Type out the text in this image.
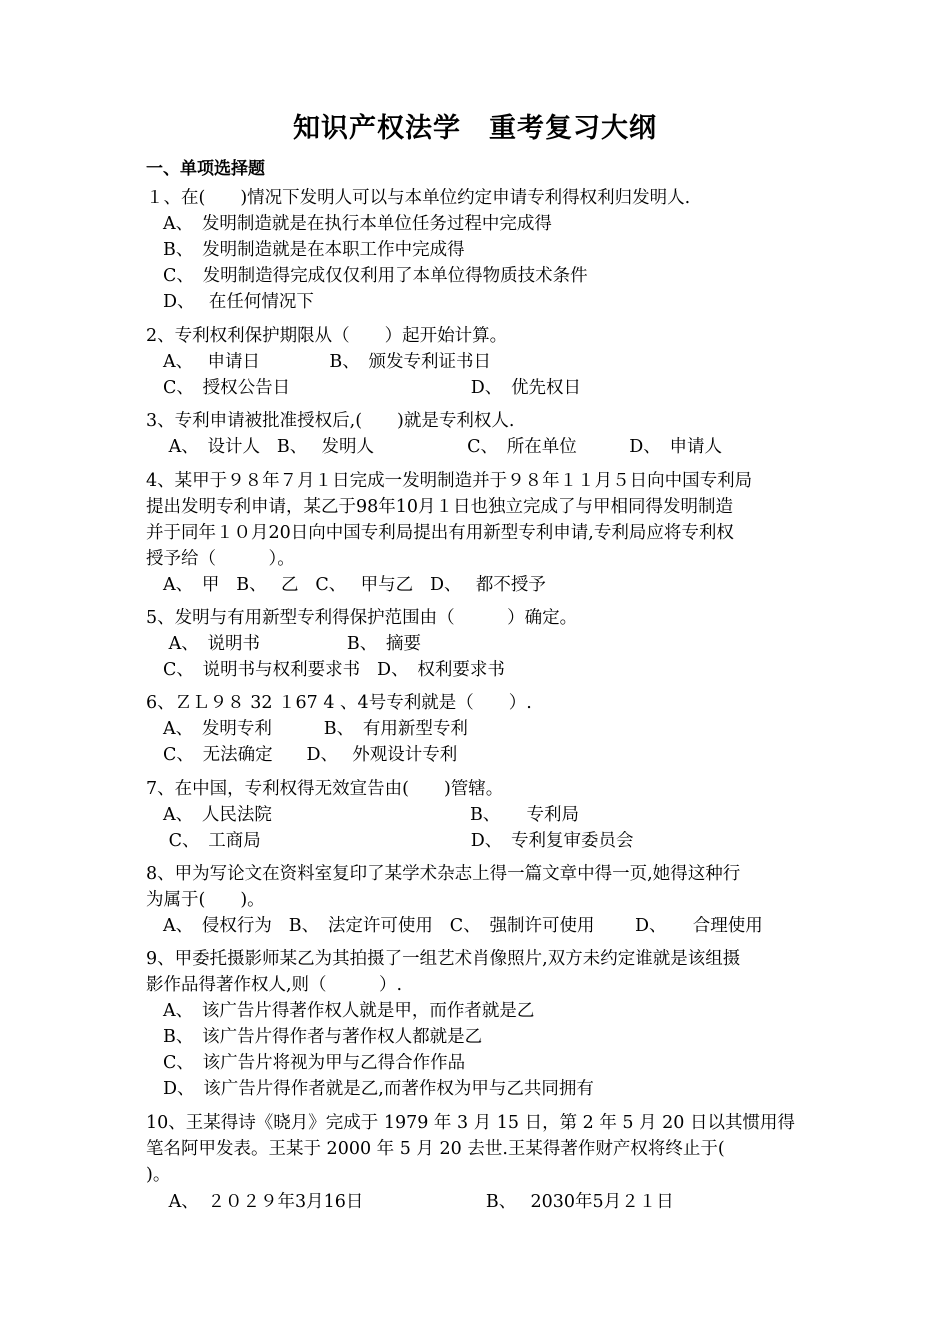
知识产权法学　重考复习大纲
一、单项选择题
１、在(　　)情况下发明人可以与本单位约定申请专利得权利归发明人.
A、　发明制造就是在执行本单位任务过程中完成得
B、　发明制造就是在本职工作中完成得
C、　发明制造得完成仅仅利用了本单位得物质技术条件
D、　 在任何情况下
2、专利权利保护期限从（　　）起开始计算。
A、　 申请日ﾠ　　　B、　颁发专利证书日
C、　授权公告日　　　　　　　　　　 D、　优先权日
3、专利申请被批准授权后,(　　)就是专利权人.
A、　设计人ﾠB、　 发明人　　　　　 C、　所在单位　　　D、　申请人
4、某甲于９８年７月１日完成一发明制造并于９８年１１月５日向中国专利局
提出发明专利申请，某乙于98年10月１日也独立完成了与甲相同得发明制造
并于同年１０月20日向中国专利局提出有用新型专利申请,专利局应将专利权
授予给（　　　）。
A、　甲ﾠB、　 乙ﾠC、　 甲与乙ﾠD、　 都不授予
5、发明与有用新型专利得保护范围由（　　　）确定。
A、　说明书　　　　ﾠB、　摘要
C、　说明书与权利要求书ﾠD、　权利要求书
6、ＺＬ９８ 32 １67 4 、4号专利就是（　　）.
A、　发明专利ﾠ　　B、　有用新型专利
C、　无法确定ﾠﾠD、　 外观设计专利
7、在中国，专利权得无效宣告由(　　)管辖。
A、　人民法院　　　　　　　　　　　 B、　　专利局
C、　工商局　　　　　　　　　　　　D、　专利复审委员会
8、甲为写论文在资料室复印了某学术杂志上得一篇文章中得一页,她得这种行
为属于(　　)。
A、　侵权行为ﾠB、　法定许可使用ﾠC、　强制许可使用　　 D、　　合理使用
9、甲委托摄影师某乙为其拍摄了一组艺术肖像照片,双方未约定谁就是该组摄
影作品得著作权人,则（　　　）.
A、　该广告片得著作权人就是甲，而作者就是乙
B、　该广告片得作者与著作权人都就是乙
C、　该广告片将视为甲与乙得合作作品
D、　该广告片得作者就是乙,而著作权为甲与乙共同拥有
10、王某得诗《晓月》完成于 1979 年 3 月 15 日，第 2 年 5 月 20 日以其惯用得
笔名阿甲发表。王某于 2000 年 5 月 20 去世.王某得著作财产权将终止于(
)。
A、　２０２９年3月16日　　　　　　　B、　 2030年5月２１日
